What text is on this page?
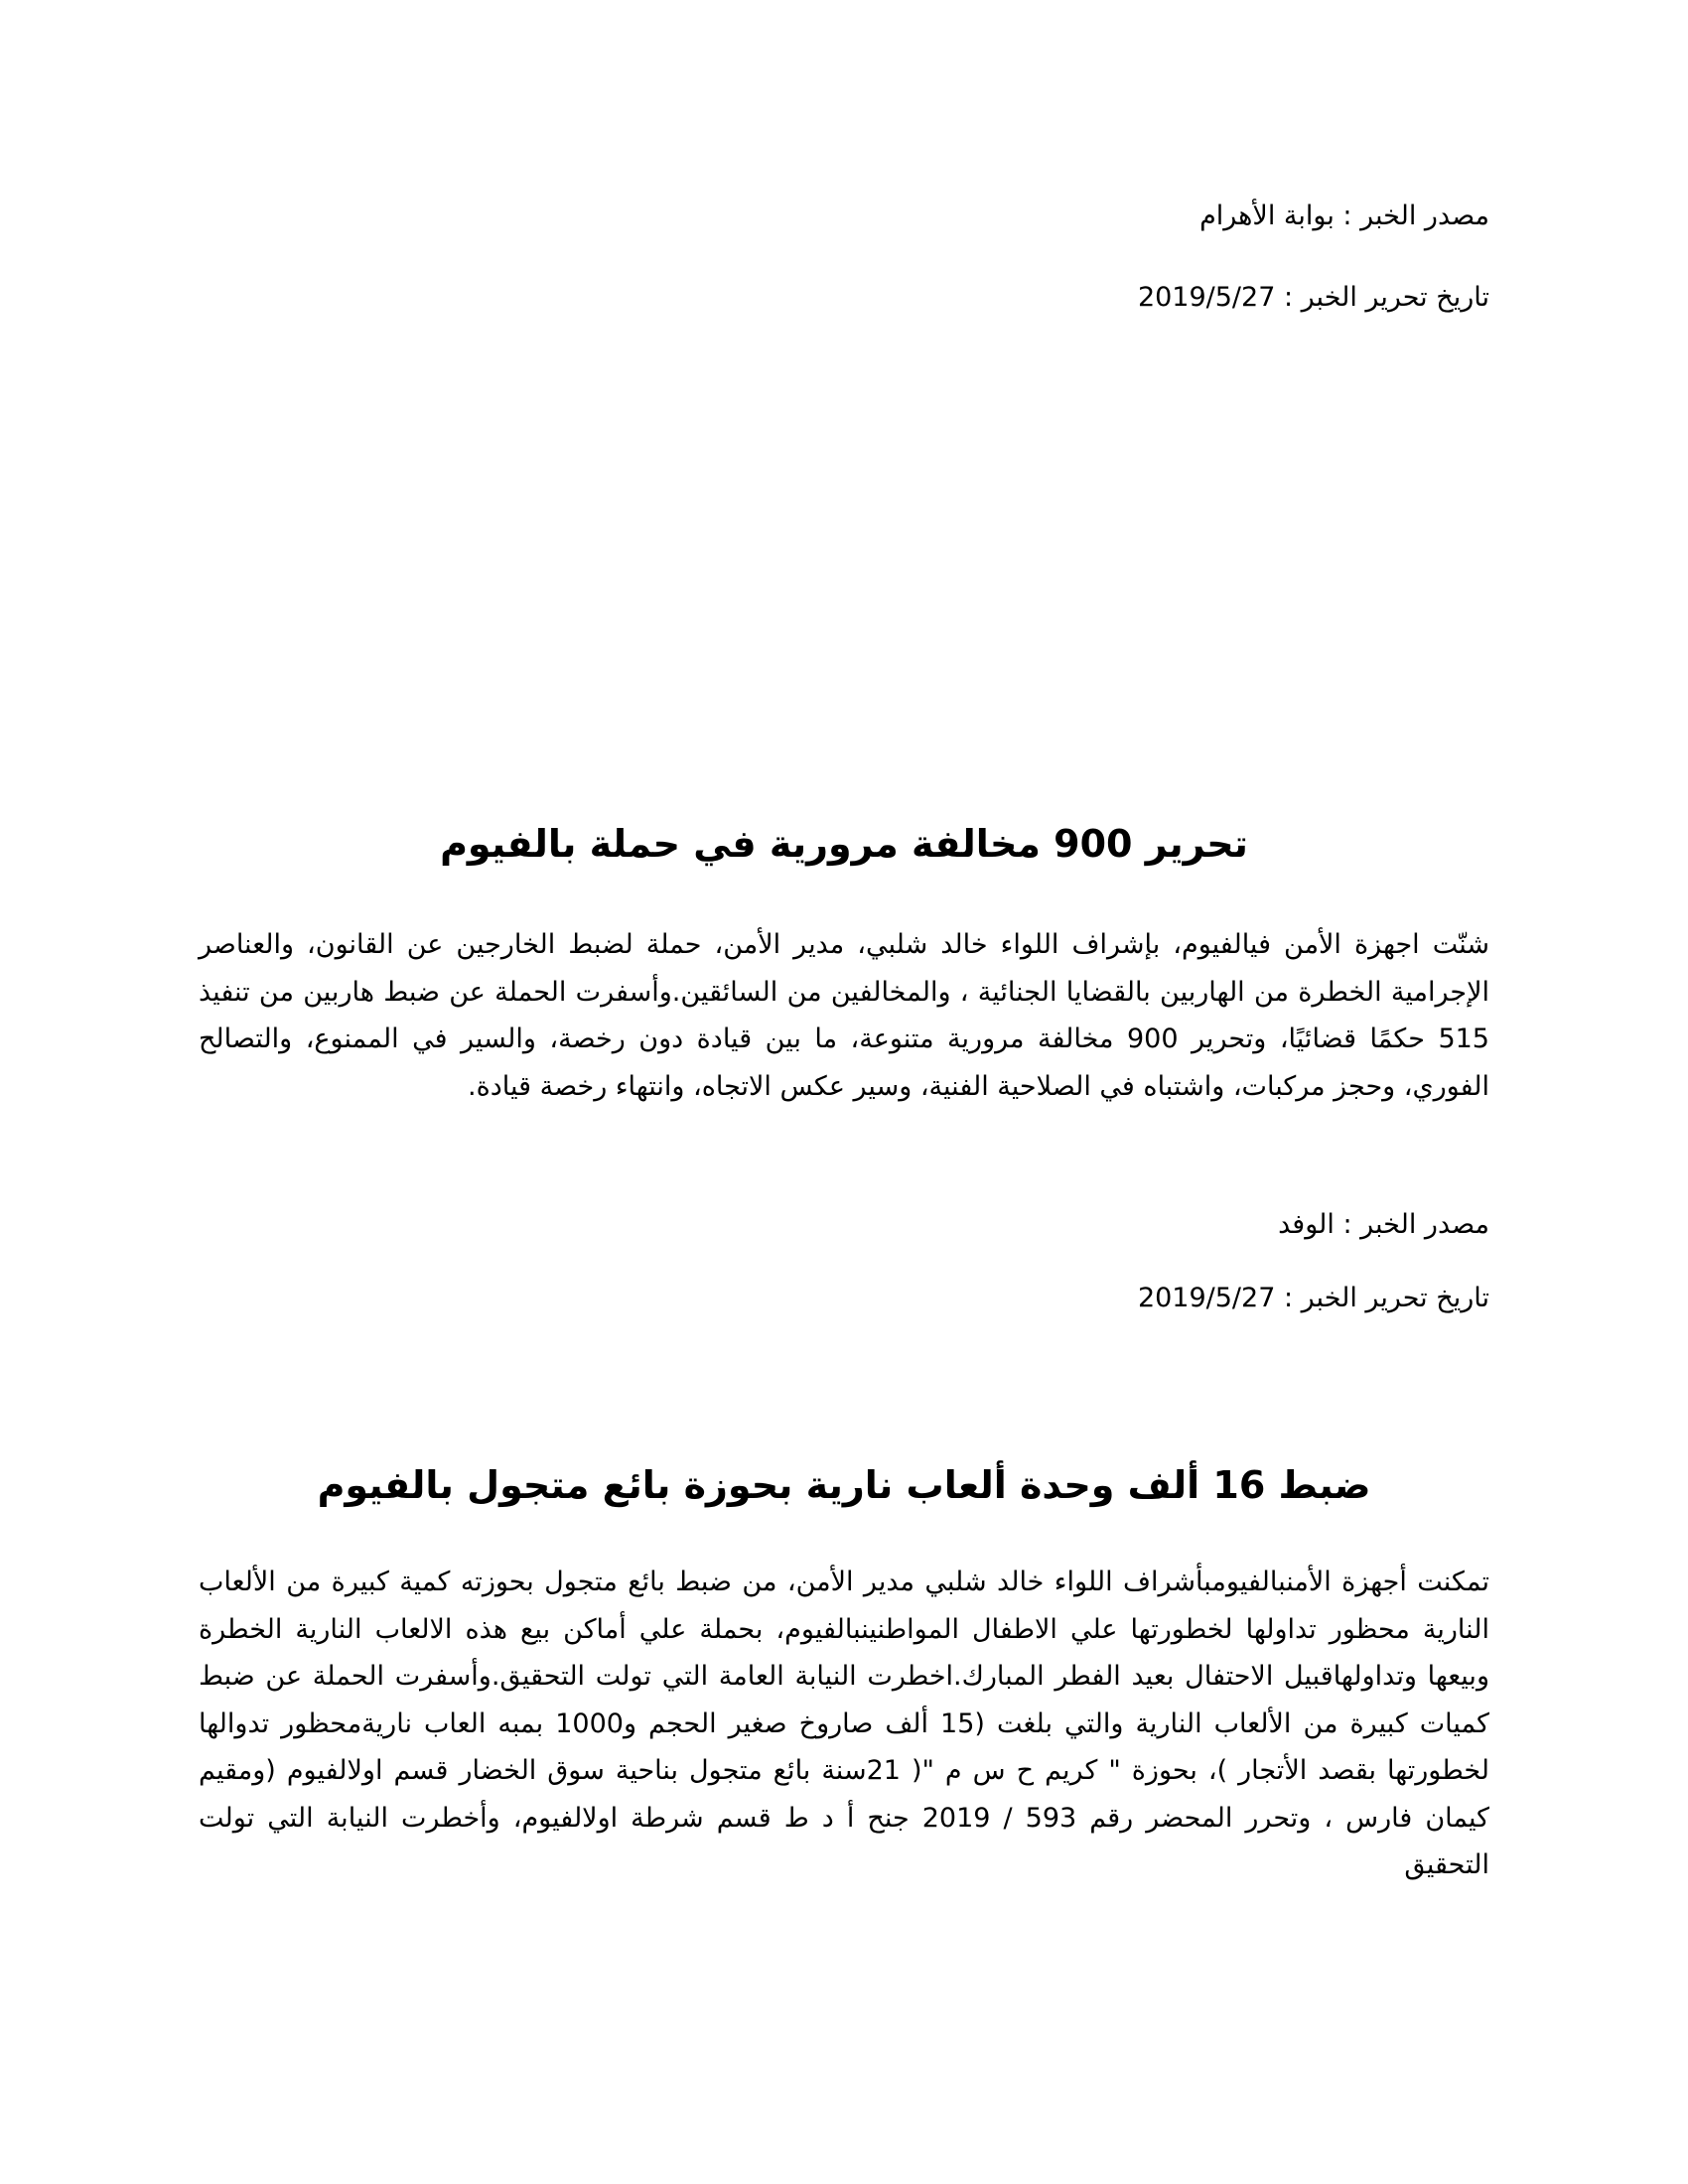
مصدر الخبر : بوابة الأهرام
تاريخ تحرير الخبر : 2019/5/27
تحرير 900 مخالفة مرورية في حملة بالفيوم
شنّت اجهزة الأمن فيالفيوم، بإشراف اللواء خالد شلبي، مدير الأمن، حملة لضبط الخارجين عن القانون، والعناصر الإجرامية الخطرة من الهاربين بالقضايا الجنائية ، والمخالفين من السائقين.وأسفرت الحملة عن ضبط هاربين من تنفيذ 515 حكمًا قضائيًا، وتحرير 900 مخالفة مرورية متنوعة، ما بين قيادة دون رخصة، والسير في الممنوع، والتصالح الفوري، وحجز مركبات، واشتباه في الصلاحية الفنية، وسير عكس الاتجاه، وانتهاء رخصة قيادة.
مصدر الخبر : الوفد
تاريخ تحرير الخبر : 2019/5/27
ضبط 16 ألف وحدة ألعاب نارية بحوزة بائع متجول بالفيوم
تمكنت أجهزة الأمنبالفيومبأشراف اللواء خالد شلبي مدير الأمن، من ضبط بائع متجول بحوزته كمية كبيرة من الألعاب النارية محظور تداولها لخطورتها علي الاطفال المواطنينبالفيوم، بحملة علي أماكن بيع هذه الالعاب النارية الخطرة وبيعها وتداولهاقبيل الاحتفال بعيد الفطر المبارك.اخطرت النيابة العامة التي تولت التحقيق.وأسفرت الحملة عن ضبط كميات كبيرة من الألعاب النارية والتي بلغت (15 ألف صاروخ صغير الحجم و1000 بمبه العاب ناريةمحظور تدوالها لخطورتها بقصد الأتجار )، بحوزة " كريم ح س م "( 21سنة بائع متجول بناحية سوق الخضار قسم اولالفيوم (ومقيم كيمان فارس ، وتحرر المحضر رقم 593 / 2019 جنح أ د ط قسم شرطة اولالفيوم، وأخطرت النيابة التي تولت التحقيق
